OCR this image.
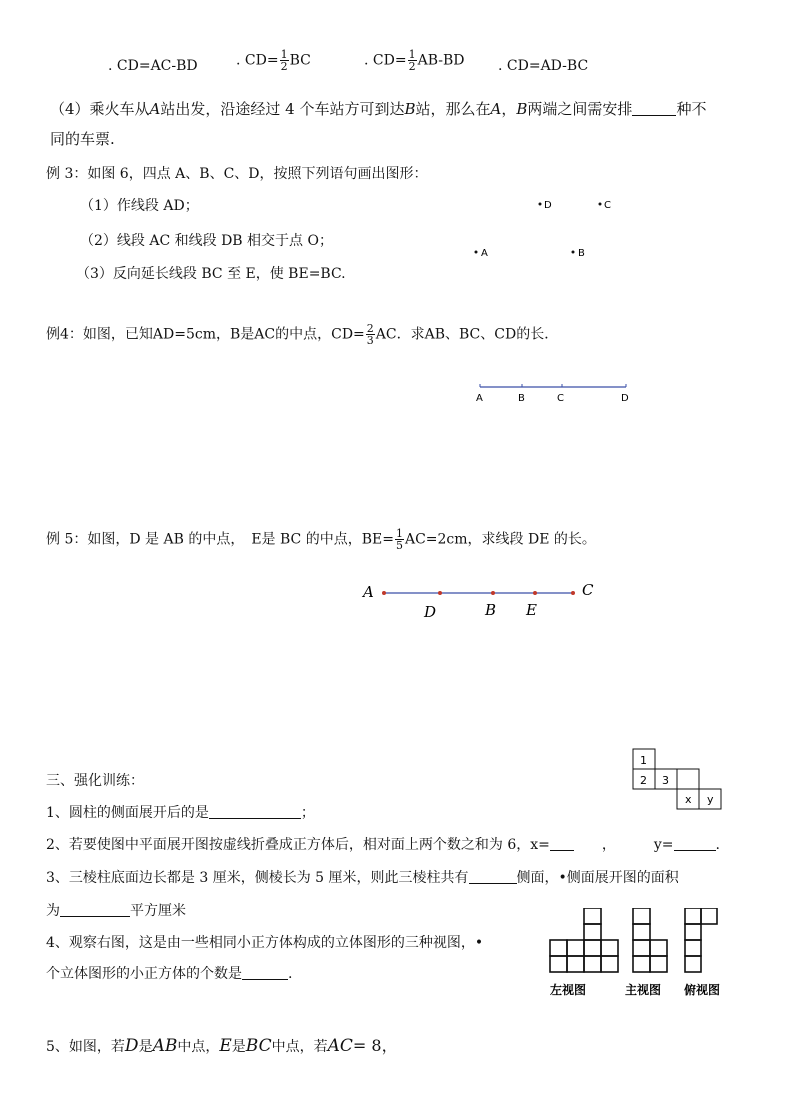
. CD=AC-BD	. $CD= \frac{1}{2}$ BC	. $CD= \frac{1}{2} AB-BD$ . CD=AD-BC
（4）乘火车从A站出发，沿途经过 4 个车站方可到达B站，那么在A，B两端之间需安排	种不
同的车票.
例 3：如图 6，四点 A、B、C、D，按照下列语句画出图形：
（1）作线段 AD；
（2）线段 AC 和线段 DB 相交于点 O；
（3）反向延长线段 BC 至 E，使 BE=BC.
D	C
A	B
例4：如图，已知AD=5cm，B是AC的中点，$CD= \frac{2}{3}$ AC．求AB、BC、CD的长．
A	B	C	D
例 5：如图，D 是 AB 的中点，　E是 BC 的中点，$BE= \frac{1}{5} AC=2cm$，求线段 DE 的长。
A	C
D	B E
三、强化训练：
1
2 3
x y
1、圆柱的侧面展开后的是	；
2、若要使图中平面展开图按虚线折叠成正方体后，相对面上两个数之和为 6，x=	，	y=	.
3、三棱柱底面边长都是 3 厘米，侧棱长为 5 厘米，则此三棱柱共有	侧面，•侧面展开图的面积
为	平方厘米
4、观察右图，这是由一些相同小正方体构成的立体图形的三种视图，•
个立体图形的小正方体的个数是	.
左视图	主视图 俯视图
5、如图，若D是AB中点，E是BC中点，若AC= 8，
